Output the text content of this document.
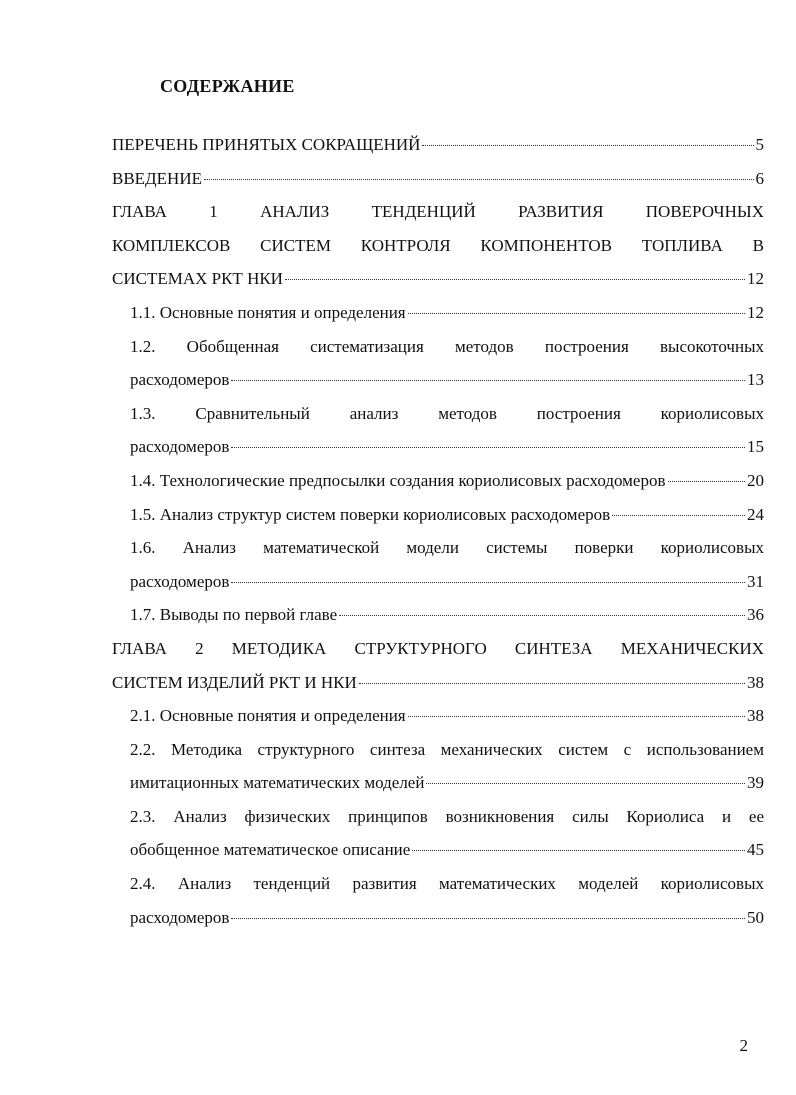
СОДЕРЖАНИЕ
ПЕРЕЧЕНЬ ПРИНЯТЫХ СОКРАЩЕНИЙ	5
ВВЕДЕНИЕ	6
ГЛАВА 1 АНАЛИЗ ТЕНДЕНЦИЙ РАЗВИТИЯ ПОВЕРОЧНЫХ
КОМПЛЕКСОВ СИСТЕМ КОНТРОЛЯ КОМПОНЕНТОВ ТОПЛИВА В
СИСТЕМАХ РКТ НКИ	12
1.1. Основные понятия и определения	12
1.2. Обобщенная систематизация методов построения высокоточных
расходомеров	13
1.3. Сравнительный анализ методов построения кориолисовых
расходомеров	15
1.4. Технологические предпосылки создания кориолисовых расходомеров	20
1.5. Анализ структур систем поверки кориолисовых расходомеров	24
1.6. Анализ математической модели системы поверки кориолисовых
расходомеров	31
1.7. Выводы по первой главе	36
ГЛАВА 2 МЕТОДИКА СТРУКТУРНОГО СИНТЕЗА МЕХАНИЧЕСКИХ
СИСТЕМ ИЗДЕЛИЙ РКТ И НКИ	38
2.1. Основные понятия и определения	38
2.2. Методика структурного синтеза механических систем с использованием
имитационных математических моделей	39
2.3. Анализ физических принципов возникновения силы Кориолиса и ее
обобщенное математическое описание	45
2.4. Анализ тенденций развития математических моделей кориолисовых
расходомеров	50
2
